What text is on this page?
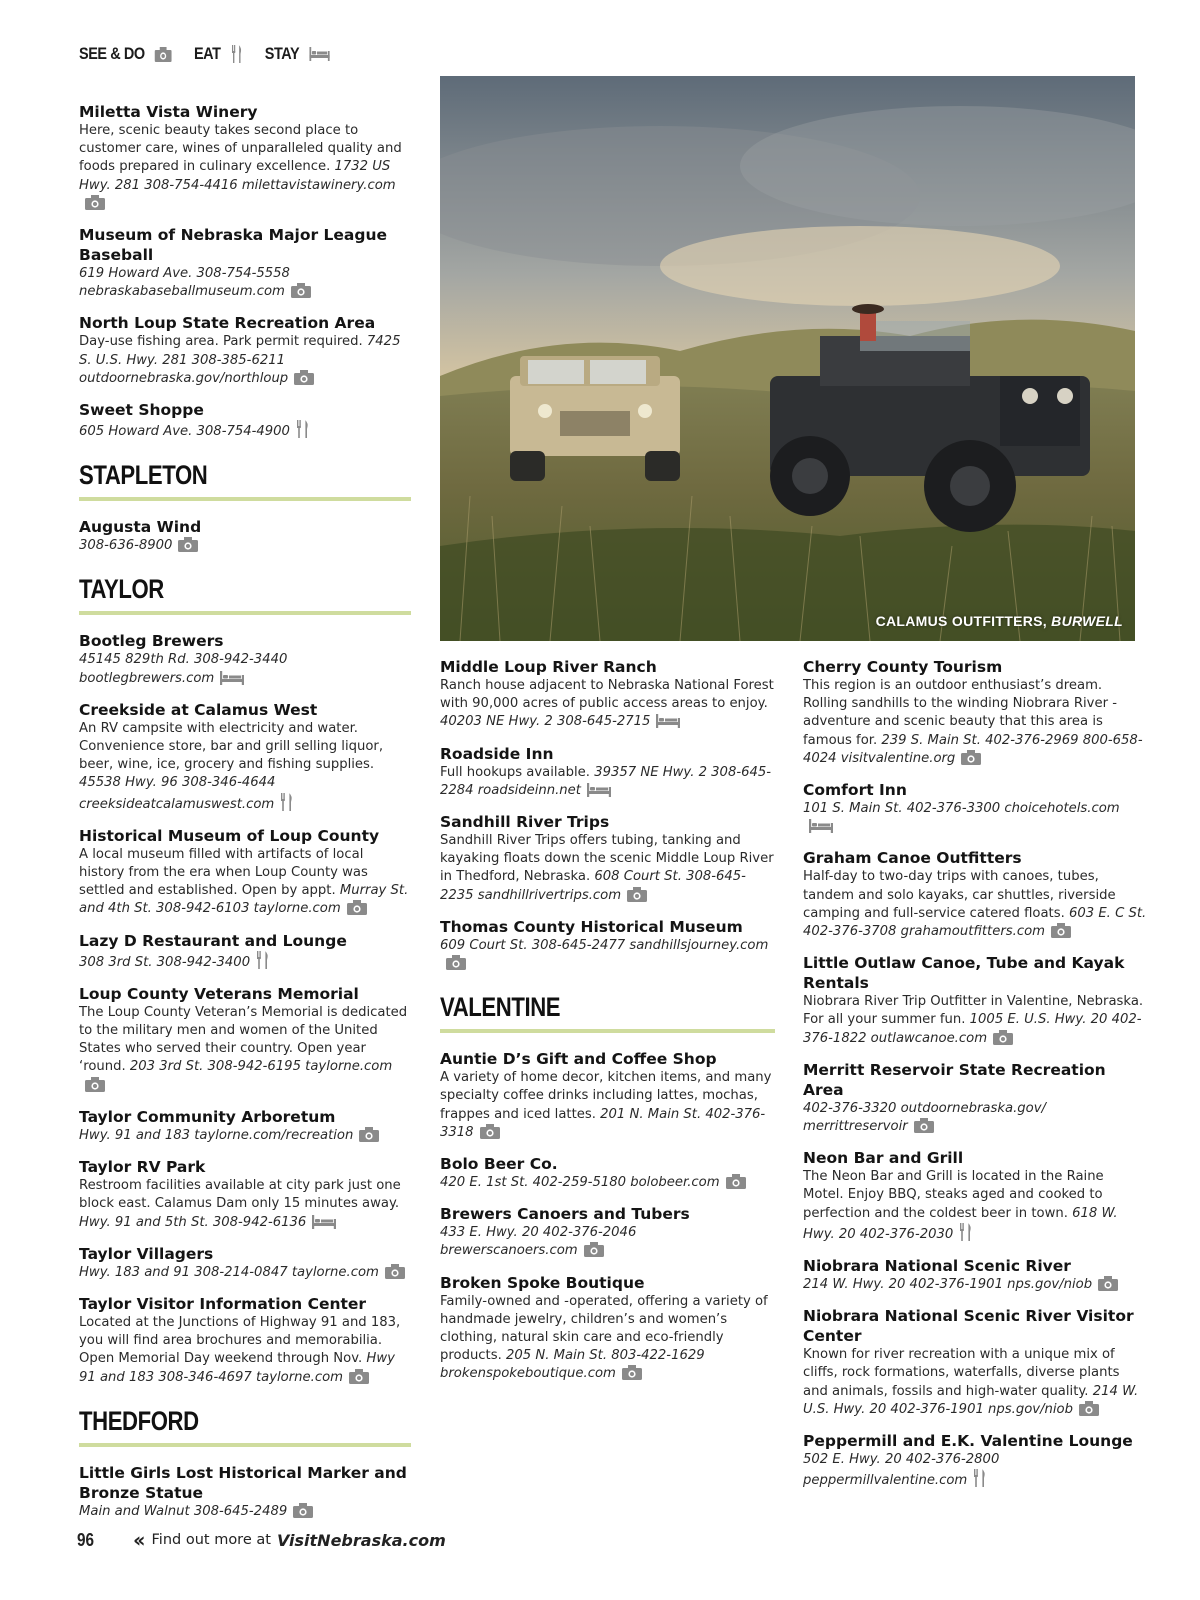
SEE & DO	EAT	STAY
CALAMUS OUTFITTERS, BURWELL
Miletta Vista Winery
Here, scenic beauty takes second place to customer care, wines of unparalleled quality and foods prepared in culinary excellence. 1732 US Hwy. 281 308-754-4416 milettavistawinery.com
Museum of Nebraska Major League Baseball
619 Howard Ave. 308-754-5558 nebraskabaseballmuseum.com
North Loup State Recreation Area
Day-use fishing area. Park permit required. 7425 S. U.S. Hwy. 281 308-385-6211 outdoornebraska.gov/northloup
Sweet Shoppe
605 Howard Ave. 308-754-4900
STAPLETON
Augusta Wind
308-636-8900
TAYLOR
Bootleg Brewers
45145 829th Rd. 308-942-3440 bootlegbrewers.com
Creekside at Calamus West
An RV campsite with electricity and water. Convenience store, bar and grill selling liquor, beer, wine, ice, grocery and fishing supplies. 45538 Hwy. 96 308-346-4644 creeksideatcalamuswest.com
Historical Museum of Loup County
A local museum filled with artifacts of local history from the era when Loup County was settled and established. Open by appt. Murray St. and 4th St. 308-942-6103 taylorne.com
Lazy D Restaurant and Lounge
308 3rd St. 308-942-3400
Loup County Veterans Memorial
The Loup County Veteran’s Memorial is dedicated to the military men and women of the United States who served their country. Open year ‘round. 203 3rd St. 308-942-6195 taylorne.com
Taylor Community Arboretum
Hwy. 91 and 183 taylorne.com/recreation
Taylor RV Park
Restroom facilities available at city park just one block east. Calamus Dam only 15 minutes away. Hwy. 91 and 5th St. 308-942-6136
Taylor Villagers
Hwy. 183 and 91 308-214-0847 taylorne.com
Taylor Visitor Information Center
Located at the Junctions of Highway 91 and 183, you will find area brochures and memorabilia. Open Memorial Day weekend through Nov. Hwy 91 and 183 308-346-4697 taylorne.com
THEDFORD
Little Girls Lost Historical Marker and Bronze Statue
Main and Walnut 308-645-2489
Middle Loup River Ranch
Ranch house adjacent to Nebraska National Forest with 90,000 acres of public access areas to enjoy. 40203 NE Hwy. 2 308-645-2715
Roadside Inn
Full hookups available. 39357 NE Hwy. 2 308-645-2284 roadsideinn.net
Sandhill River Trips
Sandhill River Trips offers tubing, tanking and kayaking floats down the scenic Middle Loup River in Thedford, Nebraska. 608 Court St. 308-645-2235 sandhillrivertrips.com
Thomas County Historical Museum
609 Court St. 308-645-2477 sandhillsjourney.com
VALENTINE
Auntie D’s Gift and Coffee Shop
A variety of home decor, kitchen items, and many specialty coffee drinks including lattes, mochas, frappes and iced lattes. 201 N. Main St. 402-376-3318
Bolo Beer Co.
420 E. 1st St. 402-259-5180 bolobeer.com
Brewers Canoers and Tubers
433 E. Hwy. 20 402-376-2046 brewerscanoers.com
Broken Spoke Boutique
Family-owned and -operated, offering a variety of handmade jewelry, children’s and women’s clothing, natural skin care and eco-friendly products. 205 N. Main St. 803-422-1629 brokenspokeboutique.com
Cherry County Tourism
This region is an outdoor enthusiast’s dream. Rolling sandhills to the winding Niobrara River - adventure and scenic beauty that this area is famous for. 239 S. Main St. 402-376-2969 800-658-4024 visitvalentine.org
Comfort Inn
101 S. Main St. 402-376-3300 choicehotels.com
Graham Canoe Outfitters
Half-day to two-day trips with canoes, tubes, tandem and solo kayaks, car shuttles, riverside camping and full-service catered floats. 603 E. C St. 402-376-3708 grahamoutfitters.com
Little Outlaw Canoe, Tube and Kayak Rentals
Niobrara River Trip Outfitter in Valentine, Nebraska. For all your summer fun. 1005 E. U.S. Hwy. 20 402-376-1822 outlawcanoe.com
Merritt Reservoir State Recreation Area
402-376-3320 outdoornebraska.gov/ merrittreservoir
Neon Bar and Grill
The Neon Bar and Grill is located in the Raine Motel. Enjoy BBQ, steaks aged and cooked to perfection and the coldest beer in town. 618 W. Hwy. 20 402-376-2030
Niobrara National Scenic River
214 W. Hwy. 20 402-376-1901 nps.gov/niob
Niobrara National Scenic River Visitor Center
Known for river recreation with a unique mix of cliffs, rock formations, waterfalls, diverse plants and animals, fossils and high-water quality. 214 W. U.S. Hwy. 20 402-376-1901 nps.gov/niob
Peppermill and E.K. Valentine Lounge
502 E. Hwy. 20 402-376-2800 peppermillvalentine.com
96 ‹‹ Find out more at VisitNebraska.com
